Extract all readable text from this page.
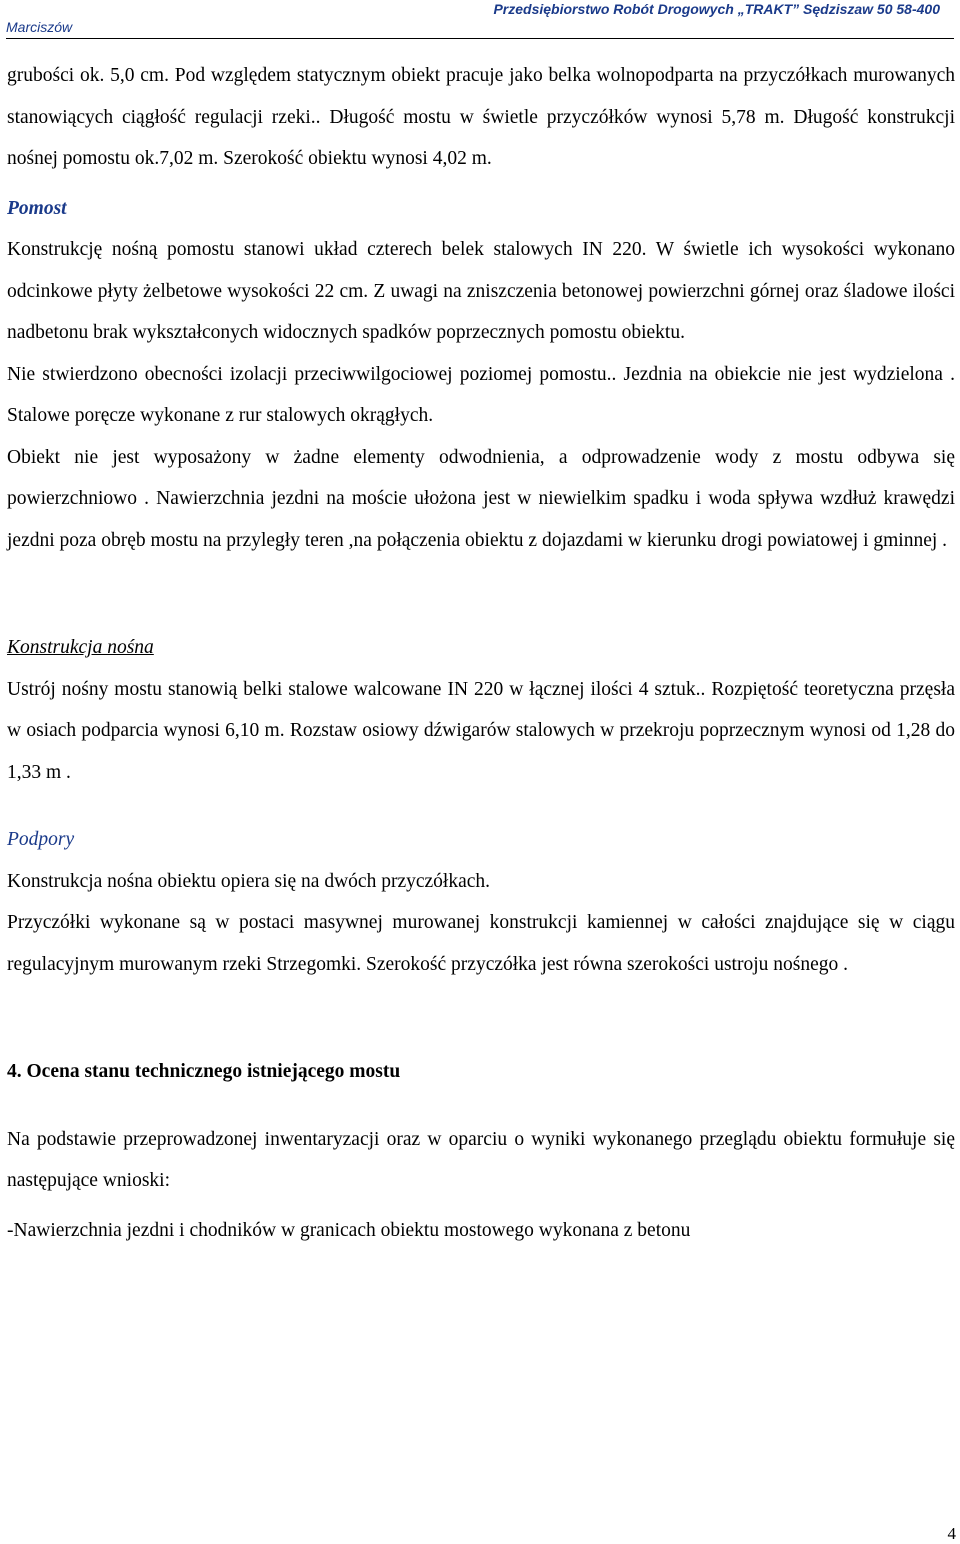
Przedsiębiorstwo Robót Drogowych „TRAKT” Sędziszaw 50 58-400
Marciszów

grubości ok. 5,0 cm. Pod względem statycznym obiekt pracuje jako belka wolnopodparta na przyczółkach murowanych stanowiących ciągłość regulacji rzeki.. Długość mostu w świetle przyczółków wynosi 5,78 m. Długość konstrukcji nośnej pomostu ok.7,02 m. Szerokość obiektu wynosi 4,02 m.

Pomost

Konstrukcję nośną pomostu stanowi układ czterech belek stalowych IN 220. W świetle ich wysokości wykonano odcinkowe płyty żelbetowe wysokości 22 cm. Z uwagi na zniszczenia betonowej powierzchni górnej oraz śladowe ilości nadbetonu brak wykształconych widocznych spadków poprzecznych pomostu obiektu.

Nie stwierdzono obecności izolacji przeciwwilgociowej poziomej pomostu.. Jezdnia na obiekcie nie jest wydzielona . Stalowe poręcze wykonane z rur stalowych okrągłych.

Obiekt nie jest wyposażony w żadne elementy odwodnienia, a odprowadzenie wody z mostu odbywa się powierzchniowo . Nawierzchnia jezdni na moście ułożona jest w niewielkim spadku i woda spływa wzdłuż krawędzi jezdni poza obręb mostu na przyległy teren ,na połączenia obiektu z dojazdami w kierunku drogi powiatowej i gminnej .

Konstrukcja nośna

Ustrój nośny mostu stanowią belki stalowe walcowane IN 220 w łącznej ilości 4 sztuk.. Rozpiętość teoretyczna przęsła w osiach podparcia wynosi 6,10 m. Rozstaw osiowy dźwigarów stalowych w przekroju poprzecznym wynosi od 1,28 do 1,33 m .

Podpory

Konstrukcja nośna obiektu opiera się na dwóch przyczółkach.

Przyczółki wykonane są w postaci masywnej murowanej konstrukcji kamiennej w całości znajdujące się w ciągu regulacyjnym murowanym rzeki Strzegomki. Szerokość przyczółka jest równa szerokości ustroju nośnego .

4. Ocena stanu technicznego istniejącego mostu

Na podstawie przeprowadzonej inwentaryzacji oraz w oparciu o wyniki wykonanego przeglądu obiektu formułuje się następujące wnioski:

-Nawierzchnia jezdni i chodników w granicach obiektu mostowego wykonana z betonu

4
